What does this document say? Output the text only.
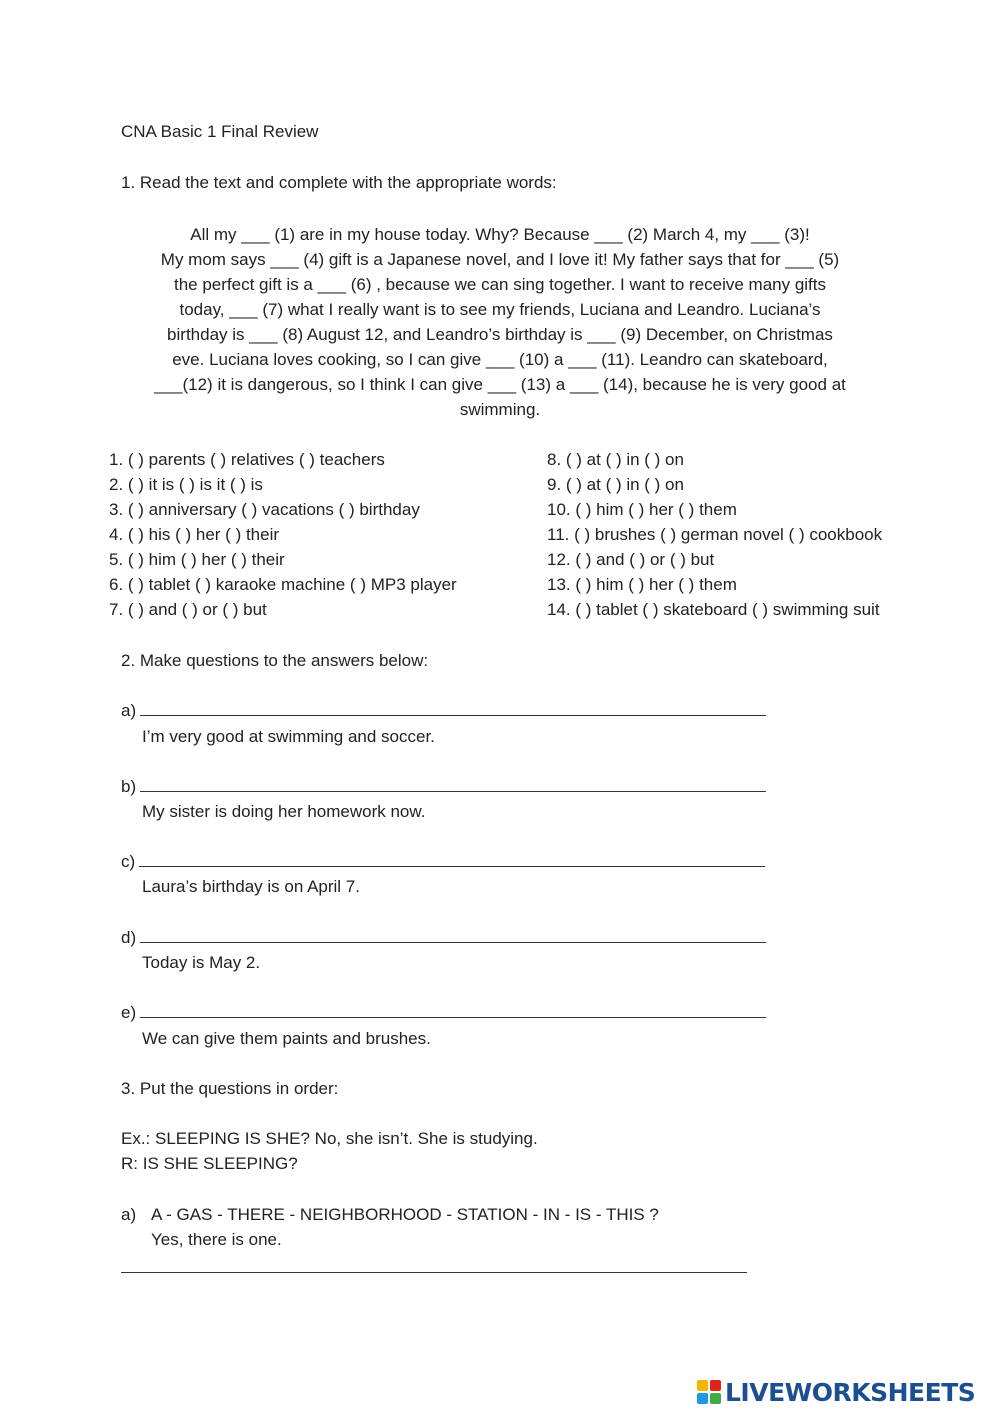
CNA Basic 1 Final Review
1. Read the text and complete with the appropriate words:
All my ___ (1) are in my house today. Why? Because ___ (2) March 4, my ___ (3)!
My mom says ___ (4) gift is a Japanese novel, and I love it! My father says that for ___ (5)
the perfect gift is a ___ (6) , because we can sing together. I want to receive many gifts
today, ___ (7) what I really want is to see my friends, Luciana and Leandro. Luciana’s
birthday is ___ (8) August 12, and Leandro’s birthday is ___ (9) December, on Christmas
eve. Luciana loves cooking, so I can give ___ (10) a ___ (11). Leandro can skateboard,
___(12) it is dangerous, so I think I can give ___ (13) a ___ (14), because he is very good at
swimming.
1. ( ) parents ( ) relatives ( ) teachers
2. ( ) it is ( ) is it ( ) is
3. ( ) anniversary ( ) vacations ( ) birthday
4. ( ) his ( ) her ( ) their
5. ( ) him ( ) her ( ) their
6. ( ) tablet ( ) karaoke machine ( ) MP3 player
7. ( ) and ( ) or ( ) but
8. ( ) at ( ) in ( ) on
9. ( ) at ( ) in ( ) on
10. ( ) him ( ) her ( ) them
11. ( ) brushes ( ) german novel ( ) cookbook
12. ( ) and ( ) or ( ) but
13. ( ) him ( ) her ( ) them
14. ( ) tablet ( ) skateboard ( ) swimming suit
2. Make questions to the answers below:
a)
I’m very good at swimming and soccer.
b)
My sister is doing her homework now.
c)
Laura’s birthday is on April 7.
d)
Today is May 2.
e)
We can give them paints and brushes.
3. Put the questions in order:
Ex.: SLEEPING IS SHE? No, she isn’t. She is studying.
R: IS SHE SLEEPING?
a) A - GAS - THERE - NEIGHBORHOOD - STATION - IN - IS - THIS ?
Yes, there is one.
LIVEWORKSHEETS
